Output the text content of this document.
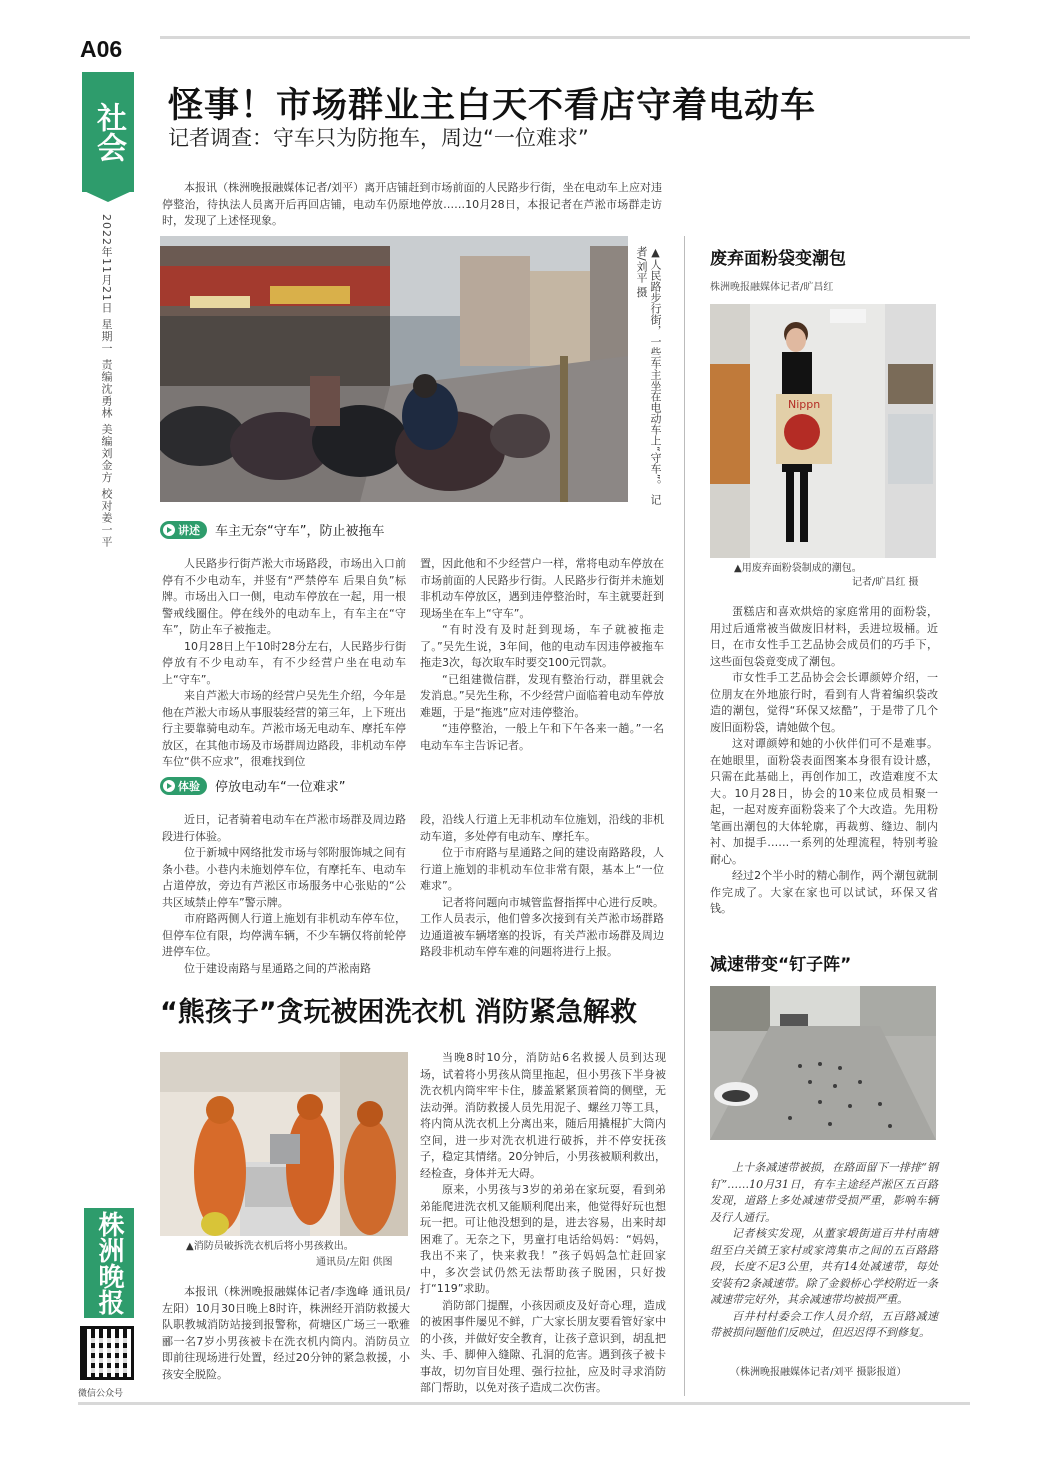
A06
社会
2022年11月21日 星期一 责编沈勇林 美编刘金方 校对姜一平
株洲晚报
微信公众号
怪事！市场群业主白天不看店守着电动车
记者调查：守车只为防拖车，周边“一位难求”
本报讯（株洲晚报融媒体记者/刘平）离开店铺赶到市场前面的人民路步行街，坐在电动车上应对违停整治，待执法人员离开后再回店铺，电动车仍原地停放……10月28日，本报记者在芦淞市场群走访时，发现了上述怪现象。
▲人民路步行街，一些车主坐在电动车上“守车”。 记者/刘平 摄
讲述 车主无奈“守车”，防止被拖车

人民路步行街芦淞大市场路段，市场出入口前停有不少电动车，并竖有“严禁停车 后果自负”标牌。市场出入口一侧，电动车停放在一起，用一根警戒线圈住。停在线外的电动车上，有车主在“守车”，防止车子被拖走。

10月28日上午10时28分左右，人民路步行街停放有不少电动车，有不少经营户坐在电动车上“守车”。

来自芦淞大市场的经营户吴先生介绍，今年是他在芦淞大市场从事服装经营的第三年，上下班出行主要靠骑电动车。芦淞市场无电动车、摩托车停放区，在其他市场及市场群周边路段，非机动车停车位“供不应求”，很难找到位

置，因此他和不少经营户一样，常将电动车停放在市场前面的人民路步行街。人民路步行街并未施划非机动车停放区，遇到违停整治时，车主就要赶到现场坐在车上“守车”。

“有时没有及时赶到现场，车子就被拖走了。”吴先生说，3年间，他的电动车因违停被拖车拖走3次，每次取车时要交100元罚款。

“已组建微信群，发现有整治行动，群里就会发消息。”吴先生称，不少经营户面临着电动车停放难题，于是“拖逃”应对违停整治。

“违停整治，一般上午和下午各来一趟。”一名电动车车主告诉记者。

体验 停放电动车“一位难求”

近日，记者骑着电动车在芦淞市场群及周边路段进行体验。

位于新城中网络批发市场与邻附服饰城之间有条小巷。小巷内未施划停车位，有摩托车、电动车占道停放，旁边有芦淞区市场服务中心张贴的“公共区域禁止停车”警示牌。

市府路两侧人行道上施划有非机动车停车位，但停车位有限，均停满车辆，不少车辆仅将前轮停进停车位。

位于建设南路与星通路之间的芦淞南路

段，沿线人行道上无非机动车位施划，沿线的非机动车道，多处停有电动车、摩托车。

位于市府路与星通路之间的建设南路路段，人行道上施划的非机动车位非常有限，基本上“一位难求”。

记者将问题向市城管监督指挥中心进行反映。工作人员表示，他们曾多次接到有关芦淞市场群路边通道被车辆堵塞的投诉，有关芦淞市场群及周边路段非机动车停车难的问题将进行上报。

“熊孩子”贪玩被困洗衣机 消防紧急解救
▲消防员破拆洗衣机后将小男孩救出。
通讯员/左阳 供图

本报讯（株洲晚报融媒体记者/李逸峰 通讯员/左阳）10月30日晚上8时许，株洲经开消防救援大队职教城消防站接到报警称，荷塘区广场三一歌雅郦一名7岁小男孩被卡在洗衣机内筒内。消防员立即前往现场进行处置，经过20分钟的紧急救援，小孩安全脱险。

当晚8时10分，消防站6名救援人员到达现场，试着将小男孩从筒里拖起，但小男孩下半身被洗衣机内筒牢牢卡住，膝盖紧紧顶着筒的侧壁，无法动弹。消防救援人员先用泥子、螺丝刀等工具，将内筒从洗衣机上分离出来，随后用撬棍扩大筒内空间，进一步对洗衣机进行破拆，并不停安抚孩子，稳定其情绪。20分钟后，小男孩被顺利救出，经检查，身体并无大碍。

原来，小男孩与3岁的弟弟在家玩耍，看到弟弟能爬进洗衣机又能顺利爬出来，他觉得好玩也想玩一把。可让他没想到的是，进去容易，出来时却困难了。无奈之下，男童打电话给妈妈：“妈妈，我出不来了，快来救我！”孩子妈妈急忙赶回家中，多次尝试仍然无法帮助孩子脱困，只好拨打“119”求助。

消防部门提醒，小孩因顽皮及好奇心理，造成的被困事件屡见不鲜，广大家长朋友要看管好家中的小孩，并做好安全教育，让孩子意识到，胡乱把头、手、脚伸入缝隙、孔洞的危害。遇到孩子被卡事故，切勿盲目处理、强行拉扯，应及时寻求消防部门帮助，以免对孩子造成二次伤害。

废弃面粉袋变潮包
株洲晚报融媒体记者/旷昌红
Nippn
▲用废弃面粉袋制成的潮包。
记者/旷昌红 摄

蛋糕店和喜欢烘焙的家庭常用的面粉袋，用过后通常被当做废旧材料，丢进垃圾桶。近日，在市女性手工艺品协会成员们的巧手下，这些面包袋竟变成了潮包。

市女性手工艺品协会会长谭颜婷介绍，一位朋友在外地旅行时，看到有人背着编织袋改造的潮包，觉得“环保又炫酷”，于是带了几个废旧面粉袋，请她做个包。

这对谭颜婷和她的小伙伴们可不是难事。在她眼里，面粉袋表面图案本身很有设计感，只需在此基础上，再创作加工，改造难度不太大。10月28日，协会的10来位成员相聚一起，一起对废弃面粉袋来了个大改造。先用粉笔画出潮包的大体轮廓，再裁剪、缝边、制内衬、加提手……一系列的处理流程，特别考验耐心。

经过2个半小时的精心制作，两个潮包就制作完成了。大家在家也可以试试，环保又省钱。

减速带变“钉子阵”

上十条减速带被损，在路面留下一排排“钢钉”……10月31日，有车主途经芦淞区五百路发现，道路上多处减速带受损严重，影响车辆及行人通行。

记者核实发现，从董家塅街道百井村南塘组至白关镇王家村或家湾集市之间的五百路路段，长度不足3公里，共有14处减速带，每处安装有2条减速带。除了金毅桥心学校附近一条减速带完好外，其余减速带均被损严重。

百井村村委会工作人员介绍，五百路减速带被损问题他们反映过，但迟迟得不到修复。

（株洲晚报融媒体记者/刘平 摄影报道）
